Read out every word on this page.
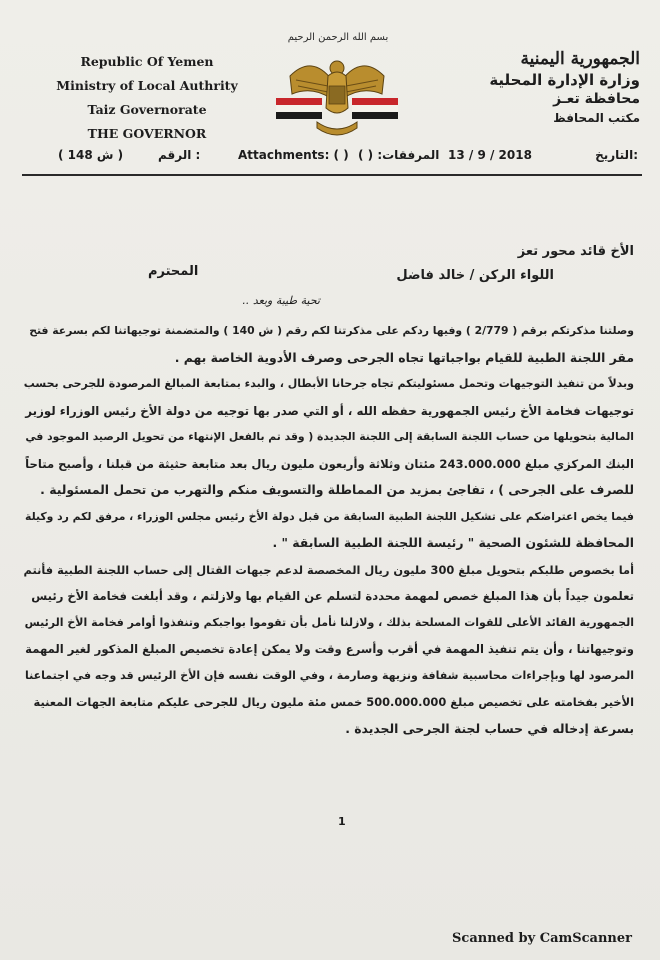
بسم الله الرحمن الرحيم
Republic Of Yemen
Ministry of Local Authrity
Taiz Governorate
THE GOVERNOR
الجمهورية اليمنية
وزارة الإدارة المحلية
محافظة تعـز
مكتب المحافظ
( ش 148 )	الرقم :	Attachments: ( ) المرفقات: ( ) 13 / 9 / 2018	التاريخ:
الأخ قائد محور تعز
اللواء الركن / خالد فاضل
المحترم
تحية طيبة وبعد ..
وصلتنا مذكرتكم برقم ( 2/779 ) وفيها ردكم على مذكرتنا لكم رقم ( ش 140 ) والمتضمنة توجيهاتنا لكم بسرعة فتح
مقر اللجنة الطبية للقيام بواجباتها تجاه الجرحى وصرف الأدوية الخاصة بهم .
وبدلاً من تنفيذ التوجيهات وتحمل مسئوليتكم تجاه جرحانا الأبطال ، والبدء بمتابعة المبالغ المرصودة للجرحى بحسب
توجيهات فخامة الأخ رئيس الجمهورية حفظه الله ، أو التي صدر بها توجيه من دولة الأخ رئيس الوزراء لوزير
المالية بتحويلها من حساب اللجنة السابقة إلى اللجنة الجديدة ( وقد تم بالفعل الإنتهاء من تحويل الرصيد الموجود في
البنك المركزي مبلغ 243.000.000 مئتان وثلاثة وأربعون مليون ريال بعد متابعة حثيثة من قبلنا ، وأصبح متاحاً
للصرف على الجرحى ) ، تفاجئ بمزيد من المماطلة والتسويف منكم والتهرب من تحمل المسئولية .
فيما يخص اعتراضكم على تشكيل اللجنة الطبية السابقة من قبل دولة الأخ رئيس مجلس الوزراء ، مرفق لكم رد وكيلة
المحافظة للشئون الصحية " رئيسة اللجنة الطبية السابقة " .
أما بخصوص طلبكم بتحويل مبلغ 300 مليون ريال المخصصة لدعم جبهات القتال إلى حساب اللجنة الطبية فأنتم
تعلمون جيداً بأن هذا المبلغ خصص لمهمة محددة لتسلم عن القيام بها ولازلتم ، وقد أبلغت فخامة الأخ رئيس
الجمهورية القائد الأعلى للقوات المسلحة بذلك ، ولازلنا نأمل بأن تقوموا بواجبكم وتنفذوا أوامر فخامة الأخ الرئيس
وتوجيهاتنا ، وأن يتم تنفيذ المهمة في أقرب وأسرع وقت ولا يمكن إعادة تخصيص المبلغ المذكور لغير المهمة
المرصود لها وبإجراءات محاسبية شفافة ونزيهة وصارمة ، وفي الوقت نفسه فإن الأخ الرئيس قد وجه في اجتماعنا
الأخير بفخامته على تخصيص مبلغ 500.000.000 خمس مئة مليون ريال للجرحى عليكم متابعة الجهات المعنية
بسرعة إدخاله في حساب لجنة الجرحى الجديدة .
1
Scanned by CamScanner
